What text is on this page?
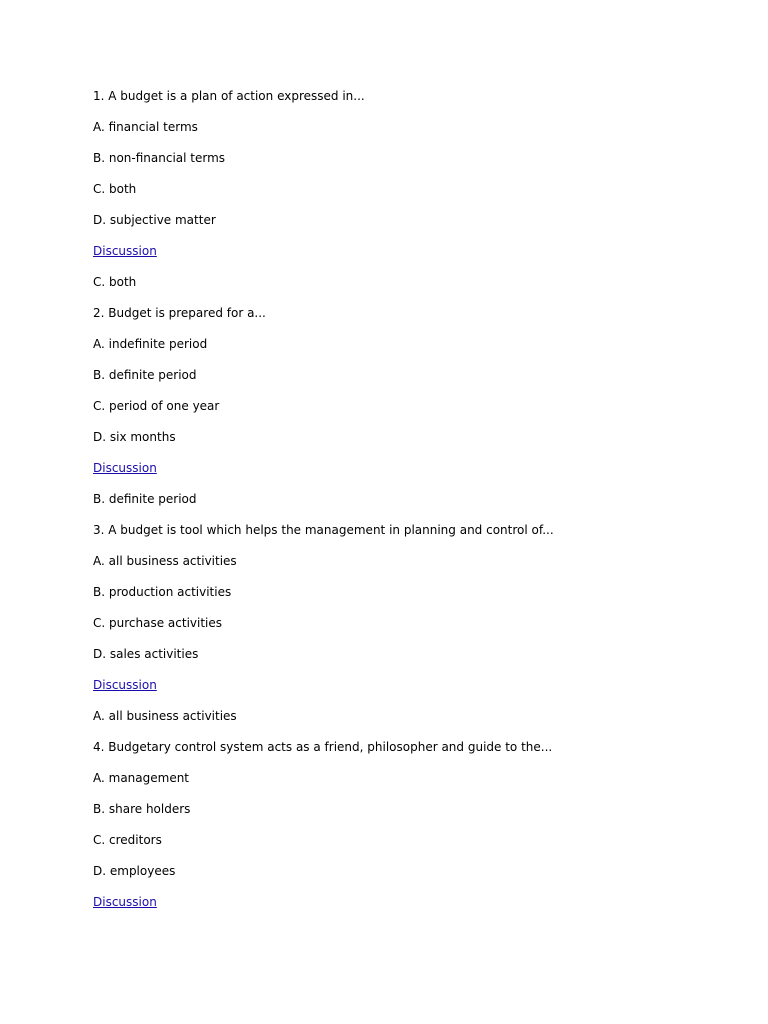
1. A budget is a plan of action expressed in...
A. financial terms
B. non-financial terms
C. both
D. subjective matter
Discussion
C. both
2. Budget is prepared for a...
A. indefinite period
B. definite period
C. period of one year
D. six months
Discussion
B. definite period
3. A budget is tool which helps the management in planning and control of...
A. all business activities
B. production activities
C. purchase activities
D. sales activities
Discussion
A. all business activities
4. Budgetary control system acts as a friend, philosopher and guide to the...
A. management
B. share holders
C. creditors
D. employees
Discussion
